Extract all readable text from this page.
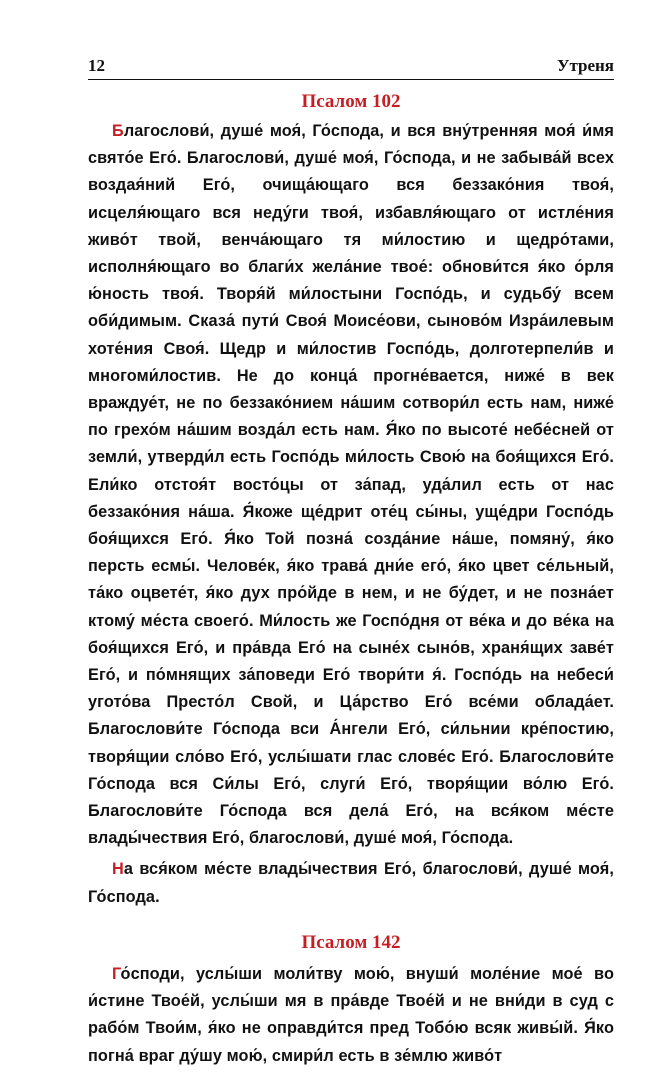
12	Утреня
Псалом 102

Благослови́, душе́ моя́, Го́спода, и вся вну́тренняя моя́ и́мя свято́е Его́. Благослови́, душе́ моя́, Го́спода, и не забыва́й всех воздая́ний Его́, очища́ющаго вся беззако́ния твоя́, исцеля́ющаго вся неду́ги твоя́, избавля́ющаго от истле́ния живо́т твой, венча́ющаго тя ми́лостию и щедро́тами, исполня́ющаго во благи́х жела́ние твое́: обнови́тся я́ко о́рля ю́ность твоя́. Творя́й ми́лостыни Госпо́дь, и судьбу́ всем оби́димым. Сказа́ пути́ Своя́ Моисе́ови, сыново́м Изра́илевым хоте́ния Своя́. Щедр и ми́лостив Госпо́дь, долготерпели́в и многоми́лостив. Не до конца́ прогне́вается, ниже́ в век враждуе́т, не по беззако́нием на́шим сотвори́л есть нам, ниже́ по грехо́м на́шим возда́л есть нам. Я́ко по высоте́ небе́сней от земли́, утверди́л есть Госпо́дь ми́лость Свою́ на боя́щихся Его́. Ели́ко отстоя́т восто́цы от за́пад, уда́лил есть от нас беззако́ния на́ша. Я́коже ще́дрит оте́ц сы́ны, уще́дри Госпо́дь боя́щихся Его́. Я́ко Той позна́ созда́ние на́ше, помяну́, я́ко персть есмы́. Челове́к, я́ко трава́ дни́е его́, я́ко цвет се́льный, та́ко оцвете́т, я́ко дух про́йде в нем, и не бу́дет, и не позна́ет ктому́ ме́ста своего́. Ми́лость же Госпо́дня от ве́ка и до ве́ка на боя́щихся Его́, и пра́вда Его́ на сыне́х сыно́в, храня́щих заве́т Его́, и по́мнящих за́поведи Его́ твори́ти я́. Госпо́дь на небеси́ угото́ва Престо́л Свой, и Ца́рство Его́ все́ми облада́ет. Благослови́те Го́спода вси А́нгели Его́, си́льнии кре́постию, творя́щии сло́во Его́, услы́шати глас слове́с Его́. Благослови́те Го́спода вся Си́лы Его́, слуги́ Его́, творя́щии во́лю Его́. Благослови́те Го́спода вся дела́ Его́, на вся́ком ме́сте влады́чествия Его́, благослови́, душе́ моя́, Го́спода.

На вся́ком ме́сте влады́чествия Его́, благослови́, душе́ моя́, Го́спода.

Псалом 142

Го́споди, услы́ши моли́тву мою́, внуши́ моле́ние мое́ во и́стине Твое́й, услы́ши мя в пра́вде Твое́й и не вни́ди в суд с рабо́м Твои́м, я́ко не оправди́тся пред Тобо́ю всяк живы́й. Я́ко погна́ враг ду́шу мою́, смири́л есть в зе́млю живо́т
